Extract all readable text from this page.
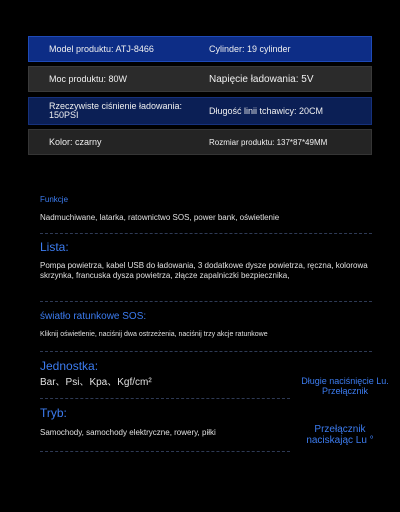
Model produktu: ATJ-8466	Cylinder: 19 cylinder
Moc produktu: 80W	Napięcie ładowania: 5V
Rzeczywiste ciśnienie ładowania: 150PSI	Długość linii tchawicy: 20CM
Kolor: czarny	Rozmiar produktu: 137*87*49MM
Funkcje
Nadmuchiwane, latarka, ratownictwo SOS, power bank, oświetlenie
Lista:
Pompa powietrza, kabel USB do ładowania, 3 dodatkowe dysze powietrza, ręczna, kolorowa skrzynka, francuska dysza powietrza, złącze zapalniczki bezpiecznika,
światło ratunkowe SOS:
Kliknij oświetlenie, naciśnij dwa ostrzeżenia, naciśnij trzy akcje ratunkowe
Jednostka:
Bar、Psi、Kpa、Kgf/cm²	Długie naciśnięcie Lu. Przełącznik
Tryb:
Samochody, samochody elektryczne, rowery, piłki	Przełącznik naciskając Lu °
